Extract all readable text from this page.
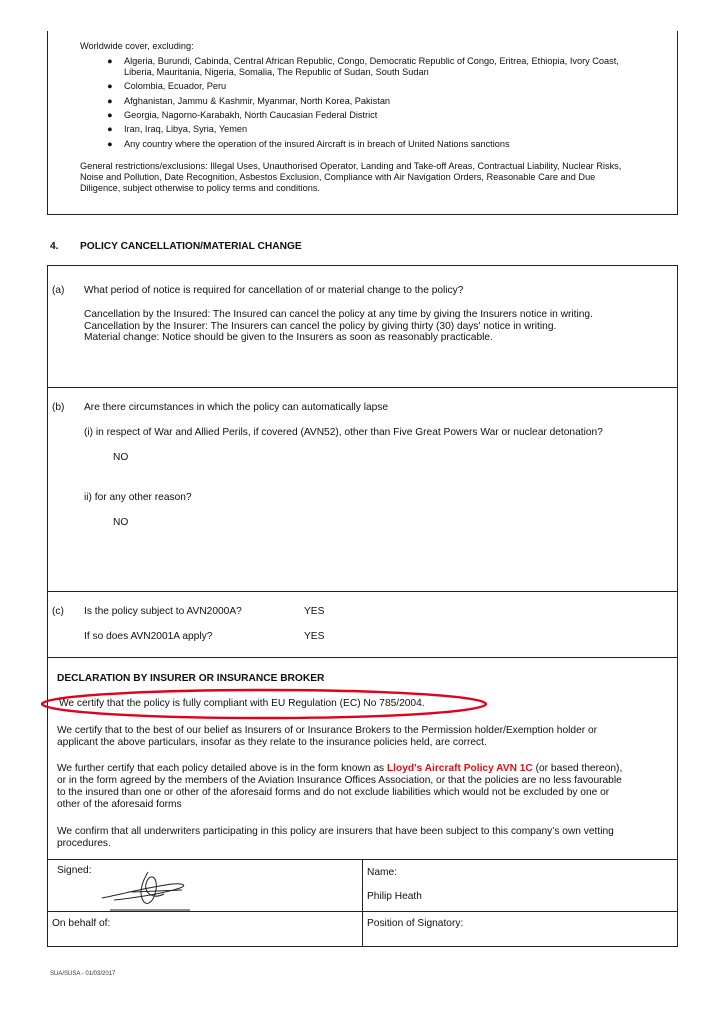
Worldwide cover, excluding:
● Algeria, Burundi, Cabinda, Central African Republic, Congo, Democratic Republic of Congo, Eritrea, Ethiopia, Ivory Coast,
Liberia, Mauritania, Nigeria, Somalia, The Republic of Sudan, South Sudan
● Colombia, Ecuador, Peru
● Afghanistan, Jammu & Kashmir, Myanmar, North Korea, Pakistan
● Georgia, Nagorno-Karabakh, North Caucasian Federal District
● Iran, Iraq, Libya, Syria, Yemen
● Any country where the operation of the insured Aircraft is in breach of United Nations sanctions
General restrictions/exclusions: Illegal Uses, Unauthorised Operator, Landing and Take-off Areas, Contractual Liability, Nuclear Risks,
Noise and Pollution, Date Recognition, Asbestos Exclusion, Compliance with Air Navigation Orders, Reasonable Care and Due
Diligence, subject otherwise to policy terms and conditions.
4. POLICY CANCELLATION/MATERIAL CHANGE
(a) What period of notice is required for cancellation of or material change to the policy?
Cancellation by the Insured: The Insured can cancel the policy at any time by giving the Insurers notice in writing.
Cancellation by the Insurer: The Insurers can cancel the policy by giving thirty (30) days' notice in writing.
Material change: Notice should be given to the Insurers as soon as reasonably practicable.
(b) Are there circumstances in which the policy can automatically lapse
(i) in respect of War and Allied Perils, if covered (AVN52), other than Five Great Powers War or nuclear detonation?
NO
ii) for any other reason?
NO
(c) Is the policy subject to AVN2000A?	YES
If so does AVN2001A apply?	YES
DECLARATION BY INSURER OR INSURANCE BROKER
We certify that the policy is fully compliant with EU Regulation (EC) No 785/2004.
We certify that to the best of our belief as Insurers of or Insurance Brokers to the Permission holder/Exemption holder or
applicant the above particulars, insofar as they relate to the insurance policies held, are correct.
We further certify that each policy detailed above is in the form known as Lloyd's Aircraft Policy AVN 1C (or based thereon),
or in the form agreed by the members of the Aviation Insurance Offices Association, or that the policies are no less favourable
to the insured than one or other of the aforesaid forms and do not exclude liabilities which would not be excluded by one or
other of the aforesaid forms
We confirm that all underwriters participating in this policy are insurers that have been subject to this company’s own vetting
procedures.
Signed:	Name:
Philip Heath
On behalf of:	Position of Signatory:
SUA/SUSA - 01/03/2017
